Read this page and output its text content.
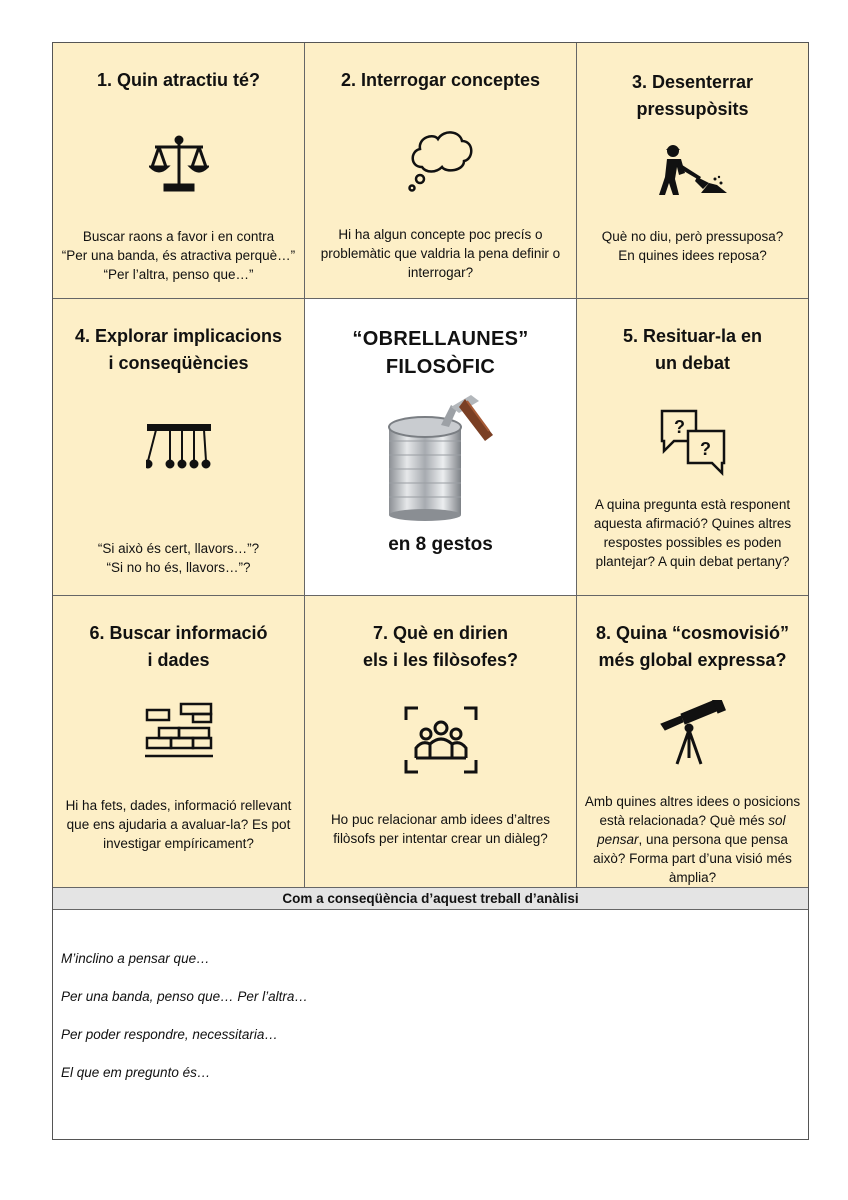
1. Quin atractiu té?
Buscar raons a favor i en contra
“Per una banda, és atractiva perquè…”
“Per l’altra, penso que…”
2. Interrogar conceptes
Hi ha algun concepte poc precís o problemàtic que valdria la pena definir o interrogar?
3. Desenterrar
pressupòsits
Què no diu, però pressuposa?
En quines idees reposa?
4. Explorar implicacions
i conseqüències
“Si això és cert, llavors…”?
“Si no ho és, llavors…”?
“OBRELLAUNES”
FILOSÒFIC
en 8 gestos
5. Resituar-la en
un debat
?
?
A quina pregunta està responent aquesta afirmació? Quines altres respostes possibles es poden plantejar? A quin debat pertany?
6. Buscar informació
i dades
Hi ha fets, dades, informació rellevant que ens ajudaria a avaluar-la? Es pot investigar empíricament?
7. Què en dirien
els i les filòsofes?
Ho puc relacionar amb idees d’altres filòsofs per intentar crear un diàleg?
8. Quina “cosmovisió”
més global expressa?
Amb quines altres idees o posicions està relacionada? Què més sol pensar, una persona que pensa això? Forma part d’una visió més àmplia?
Com a conseqüència d’aquest treball d’anàlisi
M’inclino a pensar que…
Per una banda, penso que… Per l’altra…
Per poder respondre, necessitaria…
El que em pregunto és…
